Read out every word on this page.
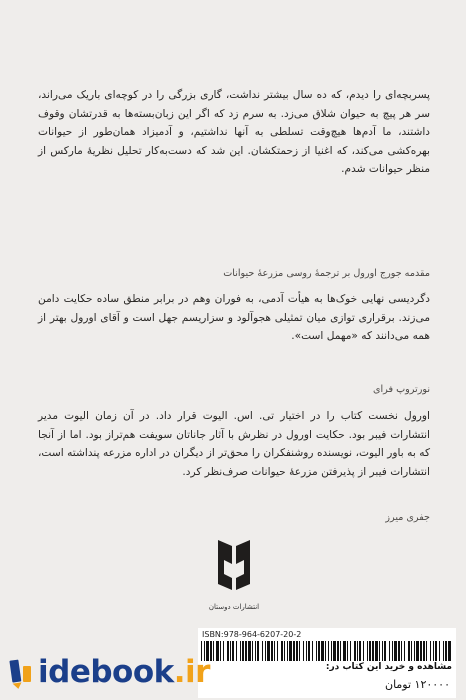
پسربچه‌ای را دیدم، که ده سال بیشتر نداشت، گاری بزرگی را در کوچه‌ای باریک می‌راند، سر هر پیچ به حیوان شلاق می‌زد. به سرم زد که اگر این زبان‌بسته‌ها به قدرتشان وقوف داشتند، ما آدم‌ها هیچ‌وقت تسلطی به آنها نداشتیم، و آدمیزاد همان‌طور از حیوانات بهره‌کشی می‌کند، که اغنیا از زحمتکشان. این شد که دست‌به‌کار تحلیل نظریهٔ مارکس از منظر حیوانات شدم.

مقدمه جورج اورول بر ترجمهٔ روسی مزرعهٔ حیوانات

دگردیسی نهایی خوک‌ها به هیأت آدمی، به فوران وهم در برابر منطق ساده حکایت دامن می‌زند. برقراری توازی میان تمثیلی هجوآلود و سزاریسم جهل است و آقای اورول بهتر از همه می‌دانند که «مهمل است».

نورتروپ فرای

اورول نخست کتاب را در اختیار تی. اس. الیوت قرار داد. در آن زمان الیوت مدیر انتشارات فیبر بود. حکایت اورول در نظرش با آثار جاناتان سویفت هم‌تراز بود. اما از آنجا که به باور الیوت، نویسنده روشنفکران را محق‌تر از دیگران در اداره مزرعه پنداشته است، انتشارات فیبر از پذیرفتن مزرعهٔ حیوانات صرف‌نظر کرد.

جفری میرز

انتشارات دوستان
ISBN:978-964-6207-20-2
مشاهده و خرید این کتاب در:
۱۲۰۰۰۰ تومان
idebook.ir
